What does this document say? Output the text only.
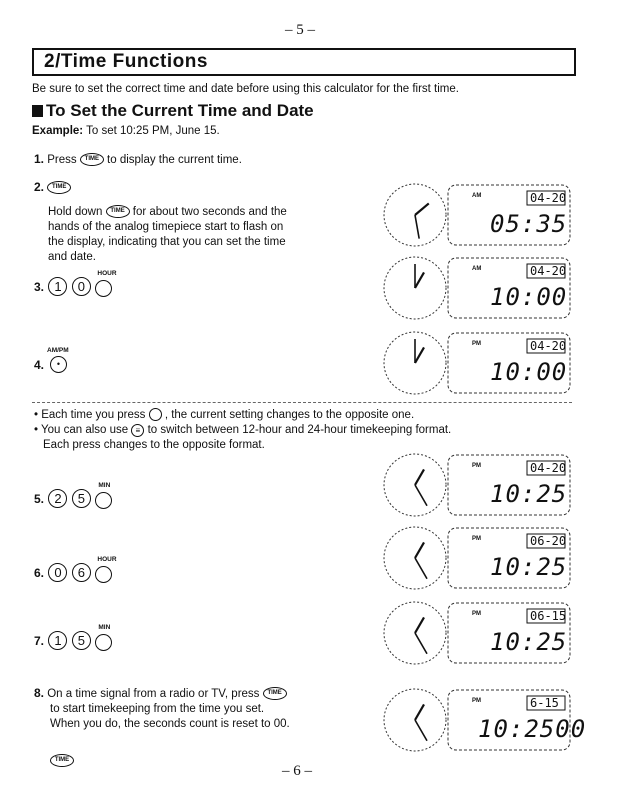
– 5 –
2/Time Functions
Be sure to set the correct time and date before using this calculator for the first time.
To Set the Current Time and Date
Example: To set 10:25 PM, June 15.
1. Press TIME to display the current time.
2. TIME
Hold down TIME for about two seconds and the
hands of the analog timepiece start to flash on
the display, indicating that you can set the time
and date.
3. 1 0
HOUR
AM/PM
4.	•
• Each time you press , the current setting changes to the opposite one.
• You can also use ≡ to switch between 12-hour and 24-hour timekeeping format.
Each press changes to the opposite format.
5. 2 5
MIN
6. 0 6
HOUR
7. 1 5
MIN
8. On a time signal from a radio or TV, press TIME
to start timekeeping from the time you set.
When you do, the seconds count is reset to 00.
TIME
– 6 –
AM	04-20
05:35
AM	04-20
10:00
PM	04-20
10:00
PM	04-20
10:25
PM	06-20
10:25
PM	06-15
10:25
PM	6-15
10:2500
